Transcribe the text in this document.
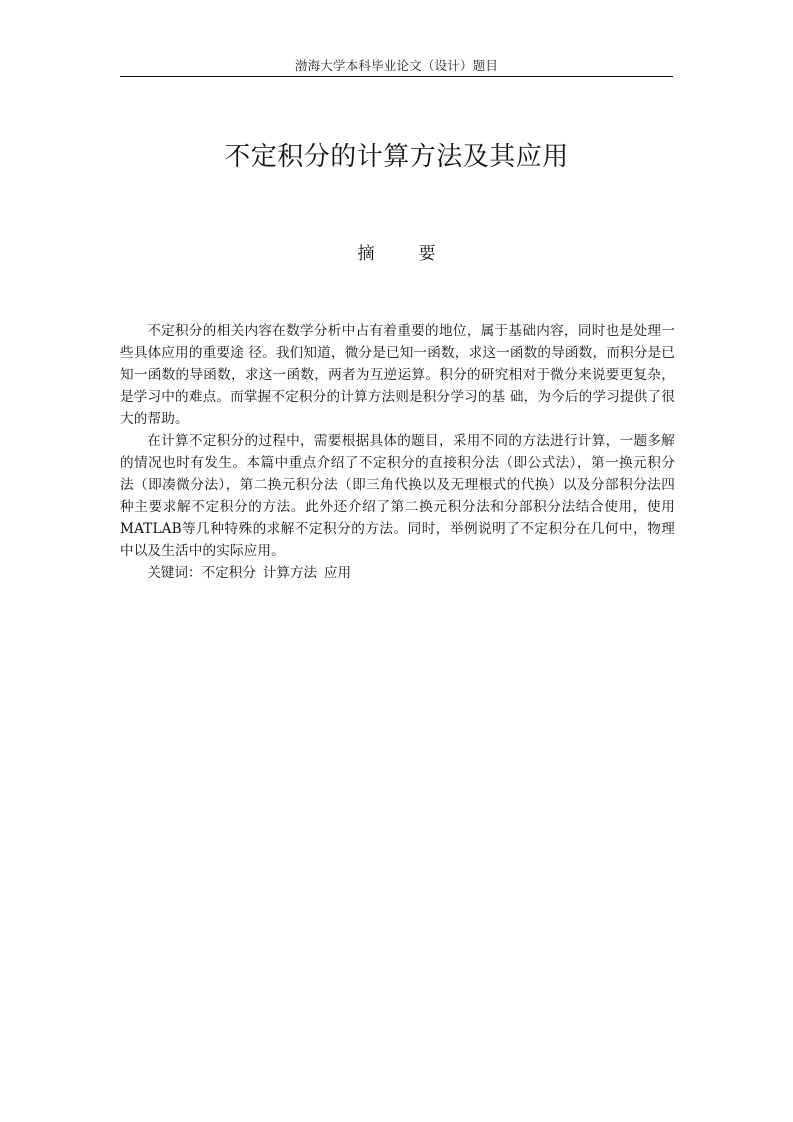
渤海大学本科毕业论文（设计）题目
不定积分的计算方法及其应用
摘	要

不定积分的相关内容在数学分析中占有着重要的地位，属于基础内容，同时也是处理一些具体应用的重要途 径。我们知道，微分是已知一函数，求这一函数的导函数，而积分是已知一函数的导函数，求这一函数，两者为互逆运算。积分的研究相对于微分来说要更复杂，是学习中的难点。而掌握不定积分的计算方法则是积分学习的基 础，为今后的学习提供了很大的帮助。

在计算不定积分的过程中，需要根据具体的题目，采用不同的方法进行计算，一题多解的情况也时有发生。本篇中重点介绍了不定积分的直接积分法（即公式法），第一换元积分法（即凑微分法），第二换元积分法（即三角代换以及无理根式的代换）以及分部积分法四种主要求解不定积分的方法。此外还介绍了第二换元积分法和分部积分法结合使用，使用MATLAB等几种特殊的求解不定积分的方法。同时，举例说明了不定积分在几何中，物理中以及生活中的实际应用。

关键词：不定积分 计算方法 应用
